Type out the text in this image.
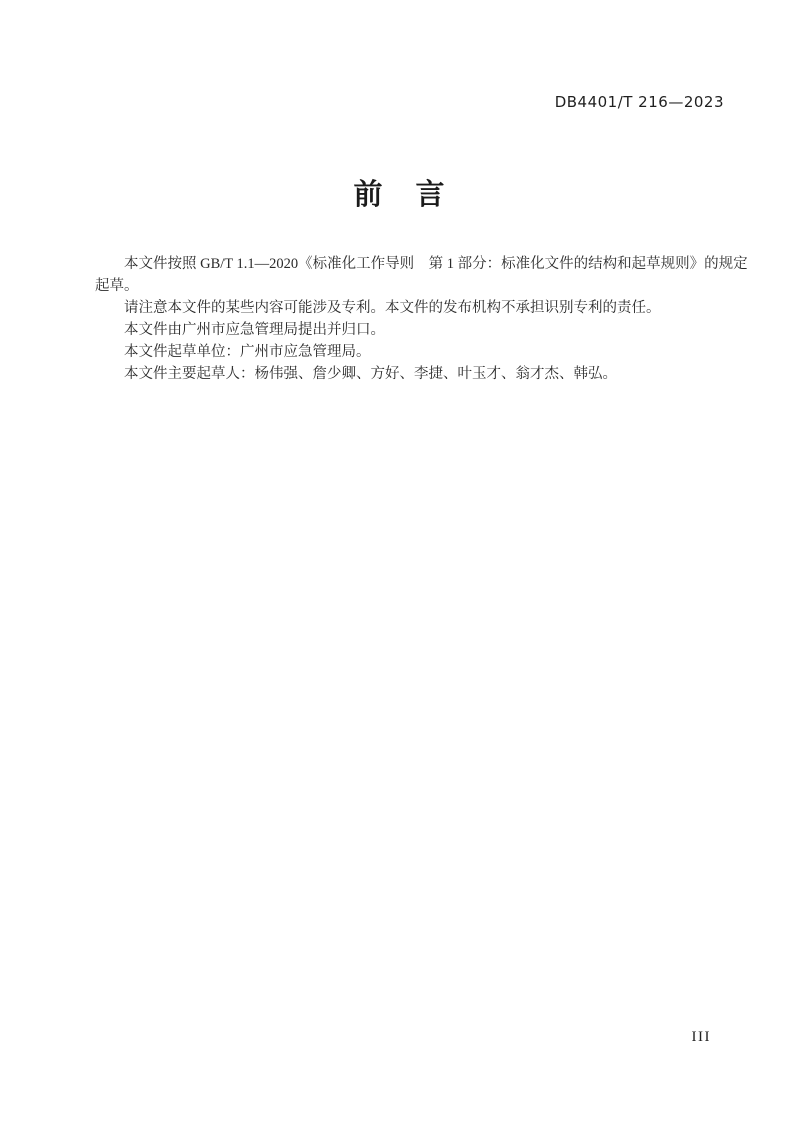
DB4401/T 216—2023
前　言

本文件按照 GB/T 1.1—2020《标准化工作导则　第 1 部分：标准化文件的结构和起草规则》的规定

起草。

请注意本文件的某些内容可能涉及专利。本文件的发布机构不承担识别专利的责任。

本文件由广州市应急管理局提出并归口。

本文件起草单位：广州市应急管理局。

本文件主要起草人：杨伟强、詹少卿、方好、李捷、叶玉才、翁才杰、韩弘。

III
